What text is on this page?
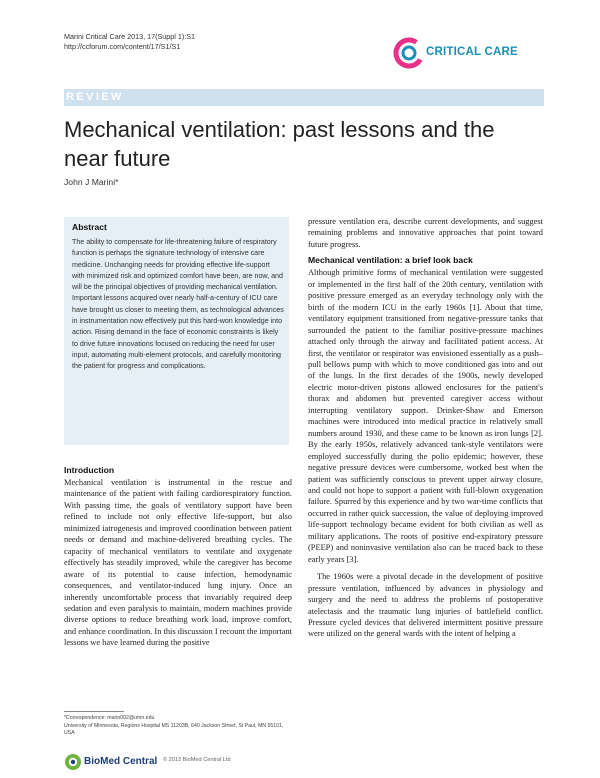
Marini Critical Care 2013, 17(Suppl 1):S1
http://ccforum.com/content/17/S1/S1	CRITICAL CARE
REVIEW
Mechanical ventilation: past lessons and the near future
John J Marini*
Abstract
The ability to compensate for life-threatening failure of respiratory function is perhaps the signature technology of intensive care medicine. Unchanging needs for providing effective life-support with minimized risk and optimized comfort have been, are now, and will be the principal objectives of providing mechanical ventilation. Important lessons acquired over nearly half-a-century of ICU care have brought us closer to meeting them, as technological advances in instrumentation now effectively put this hard-won knowledge into action. Rising demand in the face of economic constraints is likely to drive future innovations focused on reducing the need for user input, automating multi-element protocols, and carefully monitoring the patient for progress and complications.
Introduction
Mechanical ventilation is instrumental in the rescue and maintenance of the patient with failing cardiorespiratory function. With passing time, the goals of ventilatory support have been refined to include not only effective life-support, but also minimized iatrogenesis and improved coordination between patient needs or demand and machine-delivered breathing cycles. The capacity of mechanical ventilators to ventilate and oxygenate effectively has steadily improved, while the caregiver has become aware of its potential to cause infection, hemodynamic consequences, and ventilator-induced lung injury. Once an inherently uncomfortable process that invariably required deep sedation and even paralysis to maintain, modern machines provide diverse options to reduce breathing work load, improve comfort, and enhance coordination. In this discussion I recount the important lessons we have learned during the positive
*Correspondence: marin002@umn.edu
University of Minnesota, Regions Hospital MS 11203B, 640 Jackson Street, St Paul, MN 55101, USA
BioMed Central © 2013 BioMed Central Ltd

pressure ventilation era, describe current developments, and suggest remaining problems and innovative approaches that point toward future progress.

Mechanical ventilation: a brief look back

Although primitive forms of mechanical ventilation were suggested or implemented in the first half of the 20th century, ventilation with positive pressure emerged as an everyday technology only with the birth of the modern ICU in the early 1960s [1]. About that time, ventilatory equipment transitioned from negative-pressure tanks that surrounded the patient to the familiar positive-pressure machines attached only through the airway and facilitated patient access. At first, the ventilator or respirator was envisioned essentially as a push–pull bellows pump with which to move conditioned gas into and out of the lungs. In the first decades of the 1900s, newly developed electric motor-driven pistons allowed enclosures for the patient's thorax and abdomen but prevented caregiver access without interrupting ventilatory support. Drinker-Shaw and Emerson machines were introduced into medical practice in relatively small numbers around 1930, and these came to be known as iron lungs [2]. By the early 1950s, relatively advanced tank-style ventilators were employed successfully during the polio epidemic; however, these negative pressure devices were cumbersome, worked best when the patient was sufficiently conscious to prevent upper airway closure, and could not hope to support a patient with full-blown oxygenation failure. Spurred by this experience and by two war-time conflicts that occurred in rather quick succession, the value of deploying improved life-support technology became evident for both civilian as well as military applications. The roots of positive end-expiratory pressure (PEEP) and noninvasive ventilation also can be traced back to these early years [3].

The 1960s were a pivotal decade in the development of positive pressure ventilation, influenced by advances in physiology and surgery and the need to address the problems of postoperative atelectasis and the traumatic lung injuries of battlefield conflict. Pressure cycled devices that delivered intermittent positive pressure were utilized on the general wards with the intent of helping a
